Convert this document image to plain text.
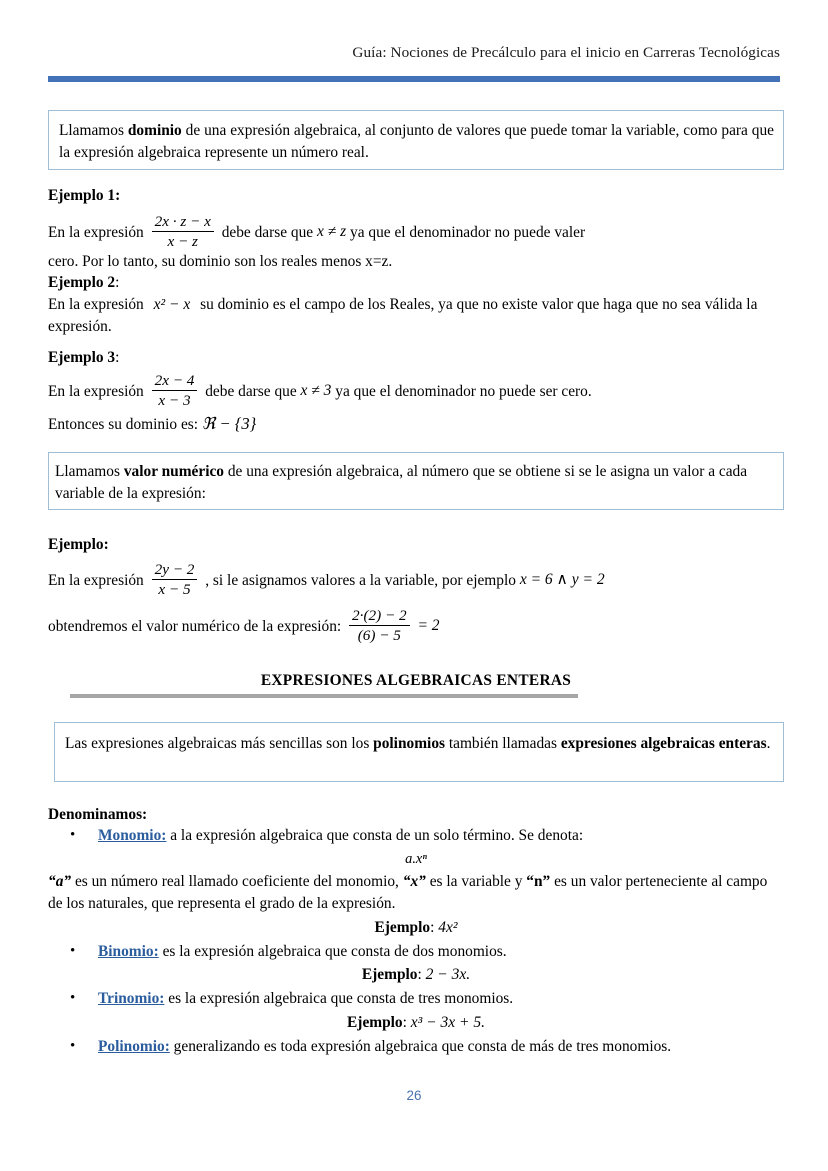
Guía: Nociones de Precálculo para el inicio en Carreras Tecnológicas
Llamamos dominio de una expresión algebraica, al conjunto de valores que puede tomar la variable, como para que la expresión algebraica represente un número real.
Ejemplo 1:
En la expresión $\frac{2x \cdot z - x}{x - z}$ debe darse que x ≠ z ya que el denominador no puede valer
cero. Por lo tanto, su dominio son los reales menos x=z.
Ejemplo 2:
En la expresión x² − x su dominio es el campo de los Reales, ya que no existe valor que haga que no sea válida la expresión.
Ejemplo 3:
En la expresión $\frac{2x - 4}{x - 3}$ debe darse que x ≠ 3 ya que el denominador no puede ser cero.
Entonces su dominio es: ℜ − {3}
Llamamos valor numérico de una expresión algebraica, al número que se obtiene si se le asigna un valor a cada variable de la expresión:
Ejemplo:
En la expresión $\frac{2y - 2}{x - 5}$ , si le asignamos valores a la variable, por ejemplo x = 6 ∧ y = 2
obtendremos el valor numérico de la expresión: $\frac{2\cdot(2) - 2}{(6) - 5} = 2$
EXPRESIONES ALGEBRAICAS ENTERAS
Las expresiones algebraicas más sencillas son los polinomios también llamadas expresiones algebraicas enteras.
Denominamos:
• Monomio: a la expresión algebraica que consta de un solo término. Se denota:
a.xⁿ
“a” es un número real llamado coeficiente del monomio, “x” es la variable y “n” es un valor perteneciente al campo de los naturales, que representa el grado de la expresión.
Ejemplo: 4x²
• Binomio: es la expresión algebraica que consta de dos monomios.
Ejemplo: 2 − 3x.
• Trinomio: es la expresión algebraica que consta de tres monomios.
Ejemplo: x³ − 3x + 5.
• Polinomio: generalizando es toda expresión algebraica que consta de más de tres monomios.
26
